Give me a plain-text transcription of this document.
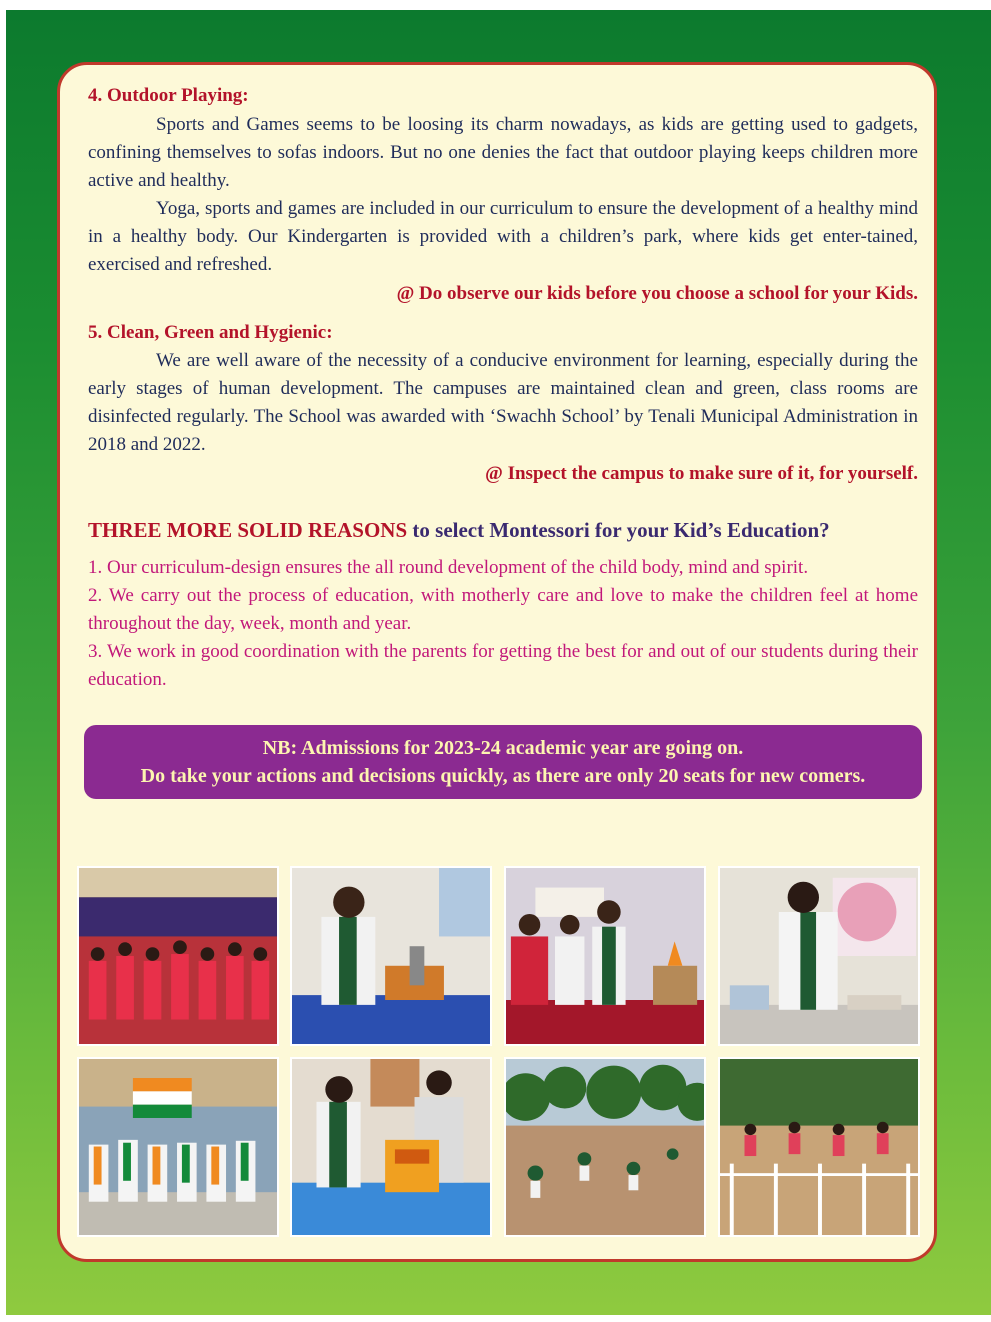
4. Outdoor Playing:

Sports and Games seems to be loosing its charm nowadays, as kids are getting used to gadgets, confining themselves to sofas indoors. But no one denies the fact that outdoor playing keeps children more active and healthy.

Yoga, sports and games are included in our curriculum to ensure the development of a healthy mind in a healthy body. Our Kindergarten is provided with a children’s park, where kids get enter-tained, exercised and refreshed.

@ Do observe our kids before you choose a school for your Kids.

5. Clean, Green and Hygienic:

We are well aware of the necessity of a conducive environment for learning, especially during the early stages of human development. The campuses are maintained clean and green, class rooms are disinfected regularly. The School was awarded with ‘Swachh School’ by Tenali Municipal Administration in 2018 and 2022.

@ Inspect the campus to make sure of it, for yourself.

THREE MORE SOLID REASONS to select Montessori for your Kid’s Education?
1. Our curriculum-design ensures the all round development of the child body, mind and spirit.
2. We carry out the process of education, with motherly care and love to make the children feel at home throughout the day, week, month and year.
3. We work in good coordination with the parents for getting the best for and out of our students during their education.
NB: Admissions for 2023-24 academic year are going on.
Do take your actions and decisions quickly, as there are only 20 seats for new comers.
